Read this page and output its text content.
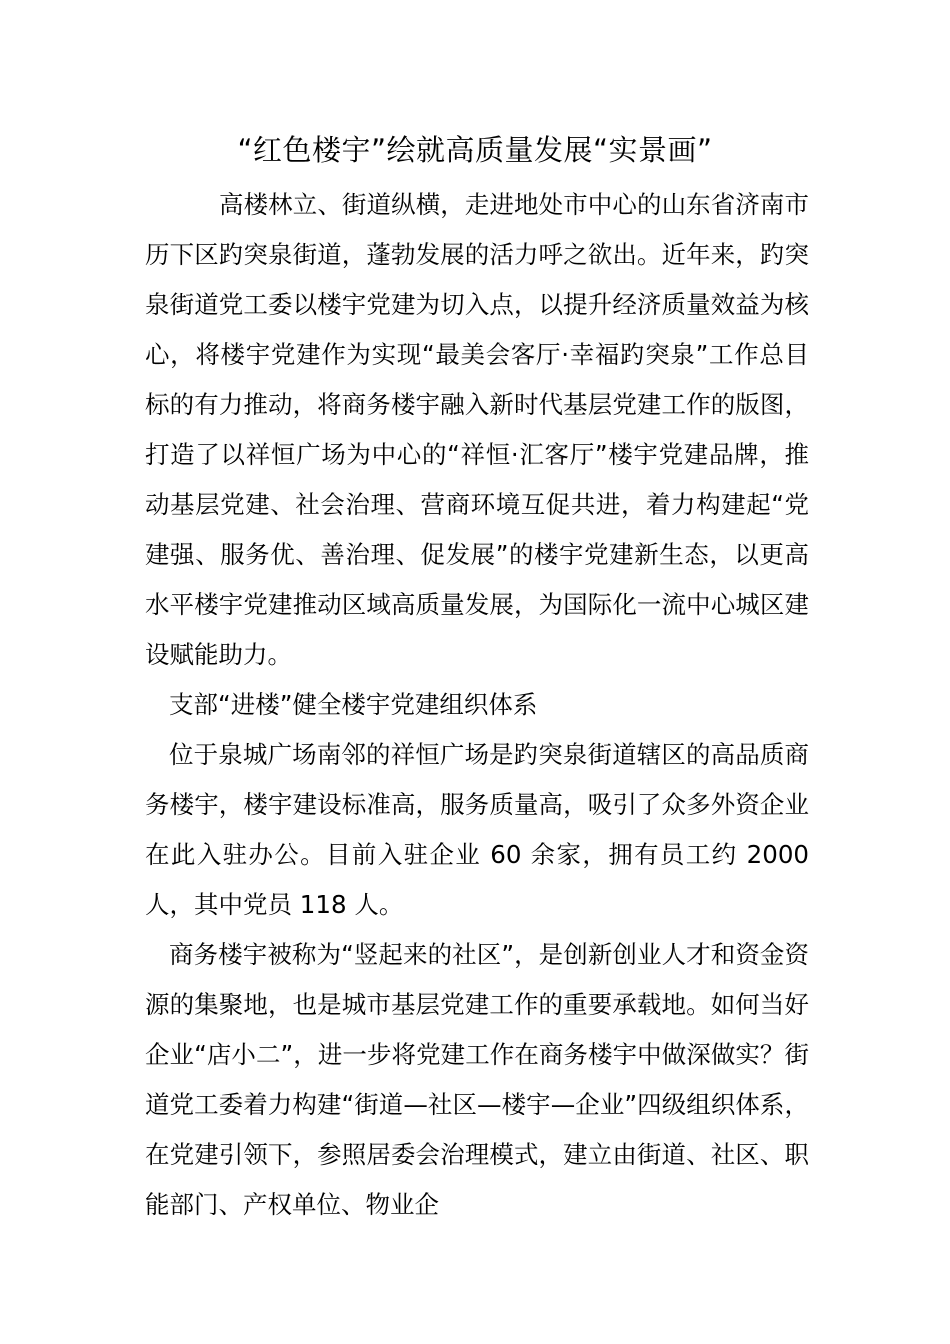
“红色楼宇”绘就高质量发展“实景画”

高楼林立、街道纵横，走进地处市中心的山东省济南市历下区趵突泉街道，蓬勃发展的活力呼之欲出。近年来，趵突泉街道党工委以楼宇党建为切入点，以提升经济质量效益为核心，将楼宇党建作为实现“最美会客厅·幸福趵突泉”工作总目标的有力推动，将商务楼宇融入新时代基层党建工作的版图，打造了以祥恒广场为中心的“祥恒·汇客厅”楼宇党建品牌，推动基层党建、社会治理、营商环境互促共进，着力构建起“党建强、服务优、善治理、促发展”的楼宇党建新生态，以更高水平楼宇党建推动区域高质量发展，为国际化一流中心城区建设赋能助力。

支部“进楼”健全楼宇党建组织体系

位于泉城广场南邻的祥恒广场是趵突泉街道辖区的高品质商务楼宇，楼宇建设标准高，服务质量高，吸引了众多外资企业在此入驻办公。目前入驻企业 60 余家，拥有员工约 2000 人，其中党员 118 人。

商务楼宇被称为“竖起来的社区”，是创新创业人才和资金资源的集聚地，也是城市基层党建工作的重要承载地。如何当好企业“店小二”，进一步将党建工作在商务楼宇中做深做实？街道党工委着力构建“街道—社区—楼宇—企业”四级组织体系，在党建引领下，参照居委会治理模式，建立由街道、社区、职能部门、产权单位、物业企
